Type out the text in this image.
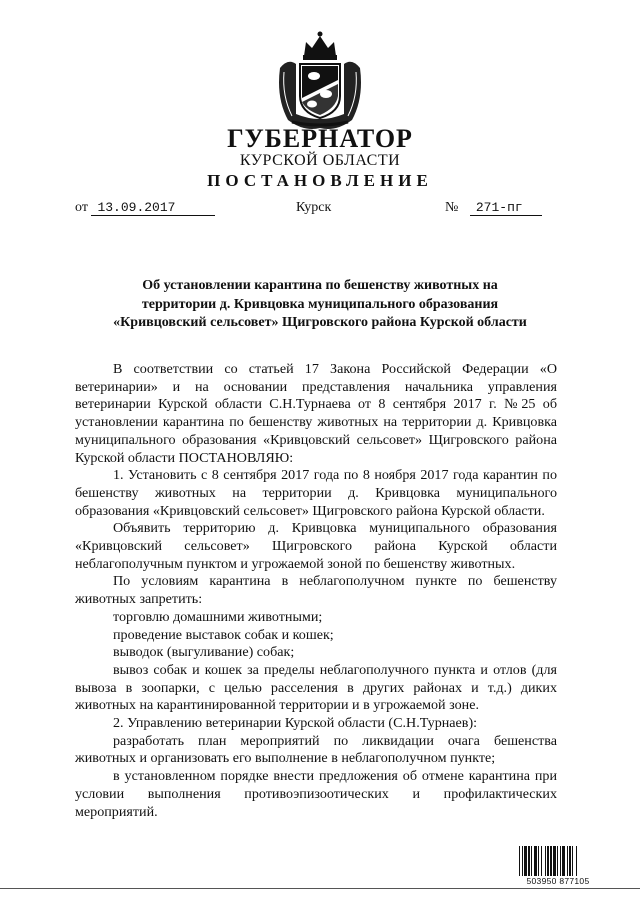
ГУБЕРНАТОР
КУРСКОЙ ОБЛАСТИ
ПОСТАНОВЛЕНИЕ
от 13.09.2017	Курск	№ 271-пг
Об установлении карантина по бешенству животных на
территории д. Кривцовка муниципального образования
«Кривцовский сельсовет» Щигровского района Курской области

В соответствии со статьей 17 Закона Российской Федерации «О ветеринарии» и на основании представления начальника управления ветеринарии Курской области С.Н.Турнаева от 8 сентября 2017 г. №25 об установлении карантина по бешенству животных на территории д. Кривцовка муниципального образования «Кривцовский сельсовет» Щигровского района Курской области ПОСТАНОВЛЯЮ:

1. Установить с 8 сентября 2017 года по 8 ноября 2017 года карантин по бешенству животных на территории д. Кривцовка муниципального образования «Кривцовский сельсовет» Щигровского района Курской области.

Объявить территорию д. Кривцовка муниципального образования «Кривцовский сельсовет» Щигровского района Курской области неблагополучным пунктом и угрожаемой зоной по бешенству животных.

По условиям карантина в неблагополучном пункте по бешенству животных запретить:

торговлю домашними животными;

проведение выставок собак и кошек;

выводок (выгуливание) собак;

вывоз собак и кошек за пределы неблагополучного пункта и отлов (для вывоза в зоопарки, с целью расселения в других районах и т.д.) диких животных на карантинированной территории и в угрожаемой зоне.

2. Управлению ветеринарии Курской области (С.Н.Турнаев):

разработать план мероприятий по ликвидации очага бешенства животных и организовать его выполнение в неблагополучном пункте;

в установленном порядке внести предложения об отмене карантина при условии выполнения противоэпизоотических и профилактических мероприятий.

503950 877105
